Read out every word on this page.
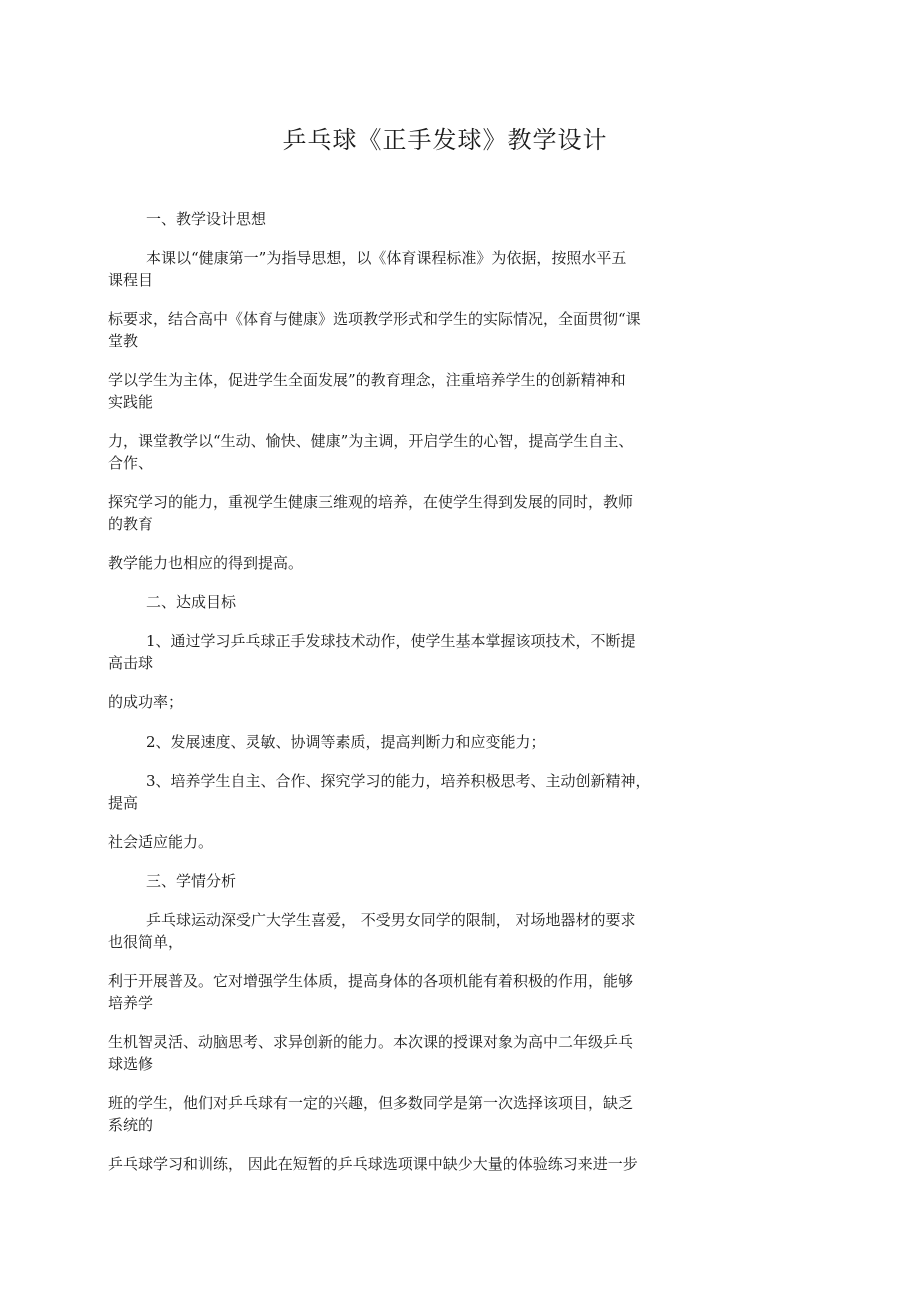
乒乓球《正手发球》教学设计

一、教学设计思想

本课以“健康第一”为指导思想，以《体育课程标准》为依据，按照水平五

课程目

标要求，结合高中《体育与健康》选项教学形式和学生的实际情况，全面贯彻“课

堂教

学以学生为主体，促进学生全面发展”的教育理念，注重培养学生的创新精神和

实践能

力，课堂教学以“生动、愉快、健康”为主调，开启学生的心智，提高学生自主、

合作、

探究学习的能力，重视学生健康三维观的培养，在使学生得到发展的同时，教师

的教育

教学能力也相应的得到提高。

二、达成目标

1、通过学习乒乓球正手发球技术动作，使学生基本掌握该项技术，不断提

高击球

的成功率；

2、发展速度、灵敏、协调等素质，提高判断力和应变能力；

3、培养学生自主、合作、探究学习的能力，培养积极思考、主动创新精神，

提高

社会适应能力。

三、学情分析

乒乓球运动深受广大学生喜爱， 不受男女同学的限制， 对场地器材的要求

也很简单，

利于开展普及。它对增强学生体质，提高身体的各项机能有着积极的作用，能够

培养学

生机智灵活、动脑思考、求异创新的能力。本次课的授课对象为高中二年级乒乓

球选修

班的学生，他们对乒乓球有一定的兴趣，但多数同学是第一次选择该项目，缺乏

系统的

乒乓球学习和训练， 因此在短暂的乒乓球选项课中缺少大量的体验练习来进一步
